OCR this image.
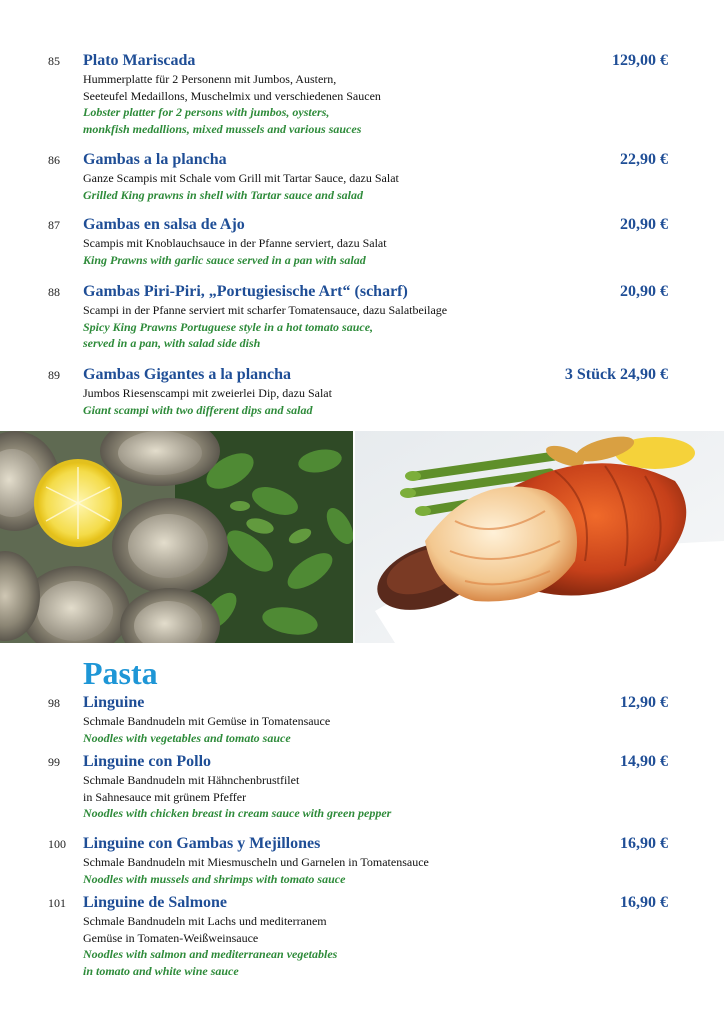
85 Plato Mariscada	129,00 €
Hummerplatte für 2 Personenn mit Jumbos, Austern,
Seeteufel Medaillons, Muschelmix und verschiedenen Saucen
Lobster platter for 2 persons with jumbos, oysters,
monkfish medallions, mixed mussels and various sauces
86 Gambas a la plancha	22,90 €
Ganze Scampis mit Schale vom Grill mit Tartar Sauce, dazu Salat
Grilled King prawns in shell with Tartar sauce and salad
87 Gambas en salsa de Ajo	20,90 €
Scampis mit Knoblauchsauce in der Pfanne serviert, dazu Salat
King Prawns with garlic sauce served in a pan with salad
88 Gambas Piri-Piri, „Portugiesische Art“ (scharf)	20,90 €
Scampi in der Pfanne serviert mit scharfer Tomatensauce, dazu Salatbeilage
Spicy King Prawns Portuguese style in a hot tomato sauce,
served in a pan, with salad side dish
89 Gambas Gigantes a la plancha	3 Stück 24,90 €
Jumbos Riesenscampi mit zweierlei Dip, dazu Salat
Giant scampi with two different dips and salad
Pasta
98 Linguine	12,90 €
Schmale Bandnudeln mit Gemüse in Tomatensauce
Noodles with vegetables and tomato sauce
99 Linguine con Pollo	14,90 €
Schmale Bandnudeln mit Hähnchenbrustfilet
in Sahnesauce mit grünem Pfeffer
Noodles with chicken breast in cream sauce with green pepper
100 Linguine con Gambas y Mejillones	16,90 €
Schmale Bandnudeln mit Miesmuscheln und Garnelen in Tomatensauce
Noodles with mussels and shrimps with tomato sauce
101 Linguine de Salmone	16,90 €
Schmale Bandnudeln mit Lachs und mediterranem
Gemüse in Tomaten-Weißweinsauce
Noodles with salmon and mediterranean vegetables
in tomato and white wine sauce
